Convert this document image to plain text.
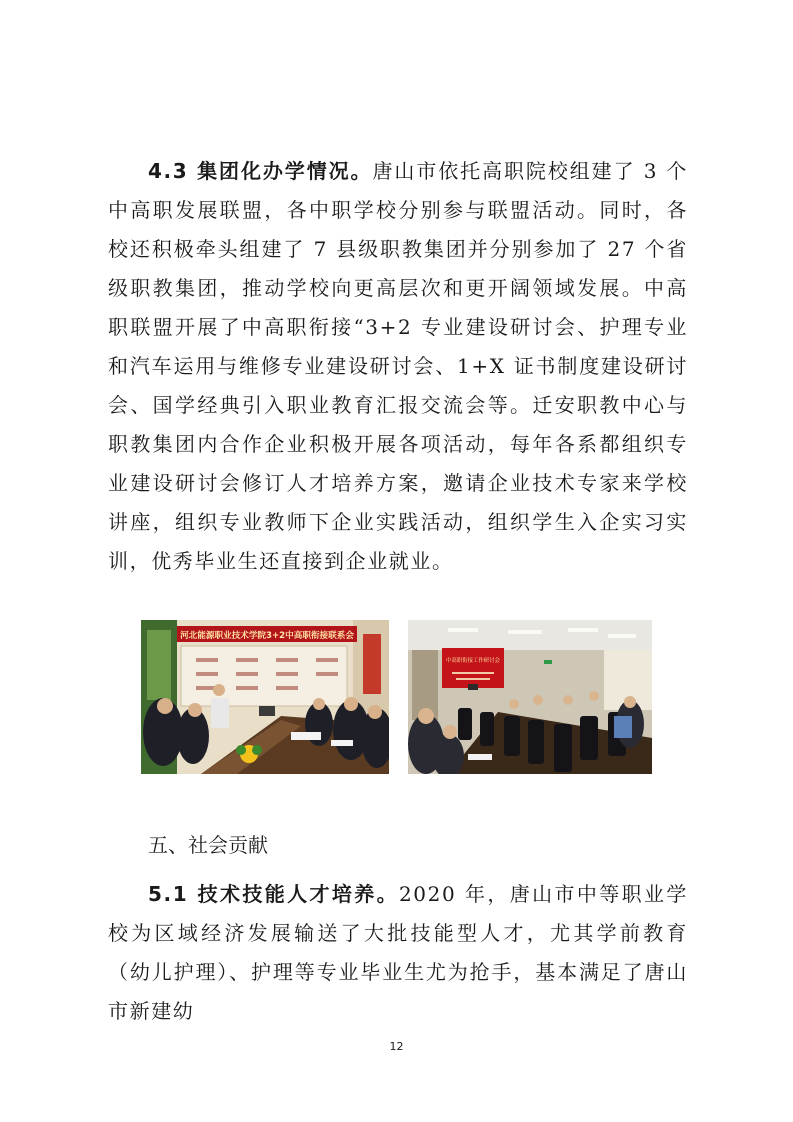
4.3 集团化办学情况。唐山市依托高职院校组建了 3 个中高职发展联盟，各中职学校分别参与联盟活动。同时，各校还积极牵头组建了 7 县级职教集团并分别参加了 27 个省级职教集团，推动学校向更高层次和更开阔领域发展。中高职联盟开展了中高职衔接“3+2 专业建设研讨会、护理专业和汽车运用与维修专业建设研讨会、1+X 证书制度建设研讨会、国学经典引入职业教育汇报交流会等。迁安职教中心与职教集团内合作企业积极开展各项活动，每年各系都组织专业建设研讨会修订人才培养方案，邀请企业技术专家来学校讲座，组织专业教师下企业实践活动，组织学生入企实习实训，优秀毕业生还直接到企业就业。

河北能源职业技术学院3+2中高职衔接联系会
中高职衔接工作研讨会
五、社会贡献

5.1 技术技能人才培养。2020 年，唐山市中等职业学校为区域经济发展输送了大批技能型人才，尤其学前教育（幼儿护理）、护理等专业毕业生尤为抢手，基本满足了唐山市新建幼

12
